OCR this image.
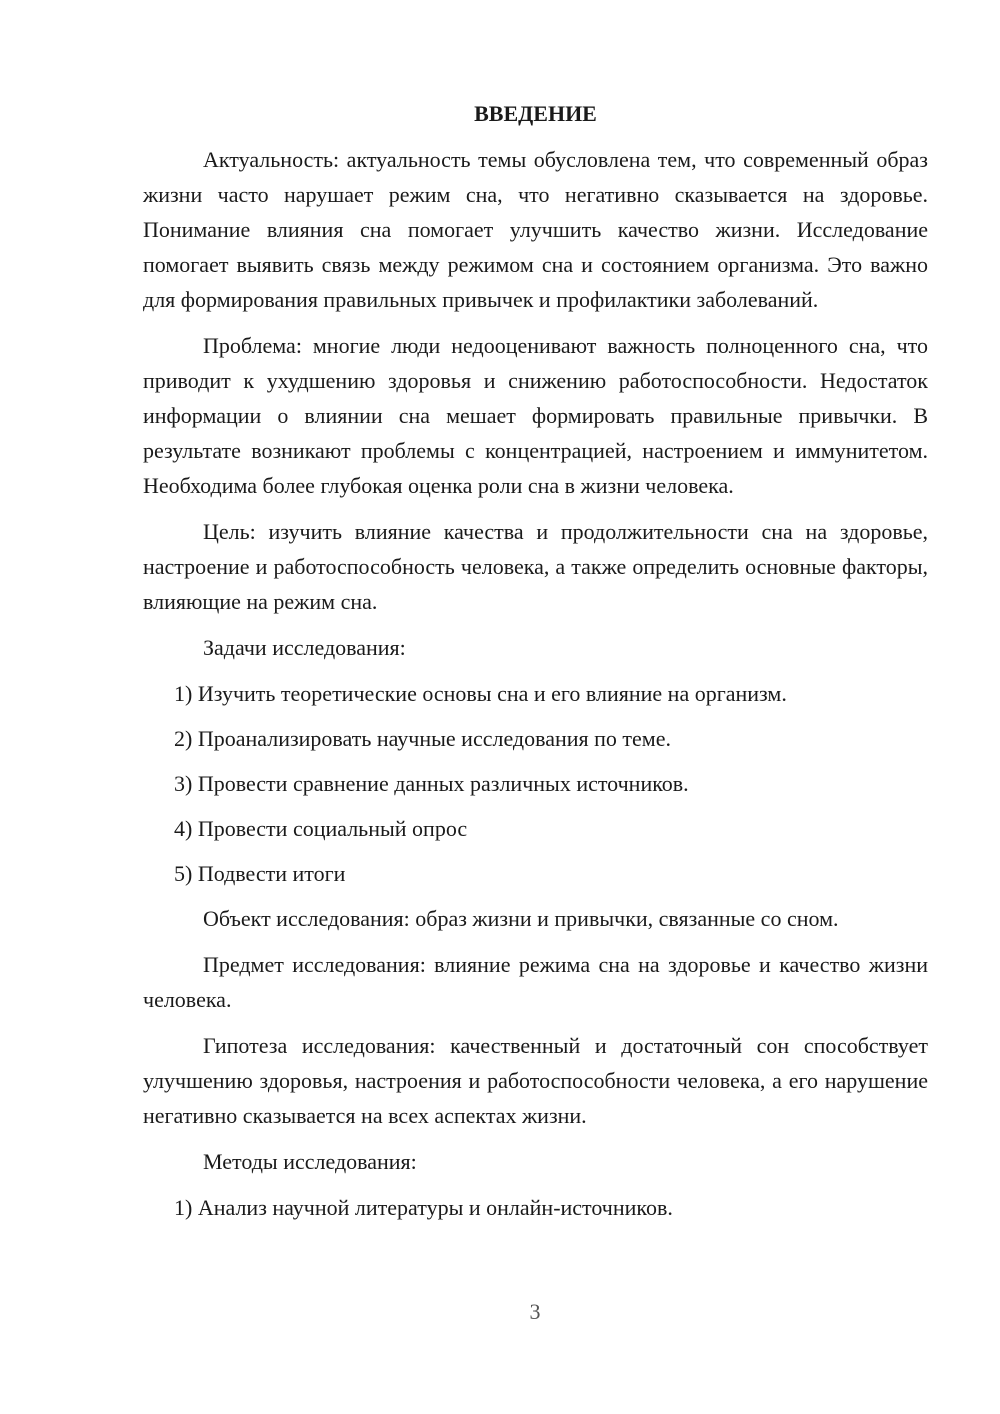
ВВЕДЕНИЕ

Актуальность: актуальность темы обусловлена тем, что современный образ жизни часто нарушает режим сна, что негативно сказывается на здоровье. Понимание влияния сна помогает улучшить качество жизни. Исследование помогает выявить связь между режимом сна и состоянием организма. Это важно для формирования правильных привычек и профилактики заболеваний.

Проблема: многие люди недооценивают важность полноценного сна, что приводит к ухудшению здоровья и снижению работоспособности. Недостаток информации о влиянии сна мешает формировать правильные привычки. В результате возникают проблемы с концентрацией, настроением и иммунитетом. Необходима более глубокая оценка роли сна в жизни человека.

Цель: изучить влияние качества и продолжительности сна на здоровье, настроение и работоспособность человека, а также определить основные факторы, влияющие на режим сна.

Задачи исследования:

1) Изучить теоретические основы сна и его влияние на организм.
2) Проанализировать научные исследования по теме.
3) Провести сравнение данных различных источников.
4) Провести социальный опрос
5) Подвести итоги

Объект исследования: образ жизни и привычки, связанные со сном.

Предмет исследования: влияние режима сна на здоровье и качество жизни человека.

Гипотеза исследования: качественный и достаточный сон способствует улучшению здоровья, настроения и работоспособности человека, а его нарушение негативно сказывается на всех аспектах жизни.

Методы исследования:

1) Анализ научной литературы и онлайн-источников.
3
